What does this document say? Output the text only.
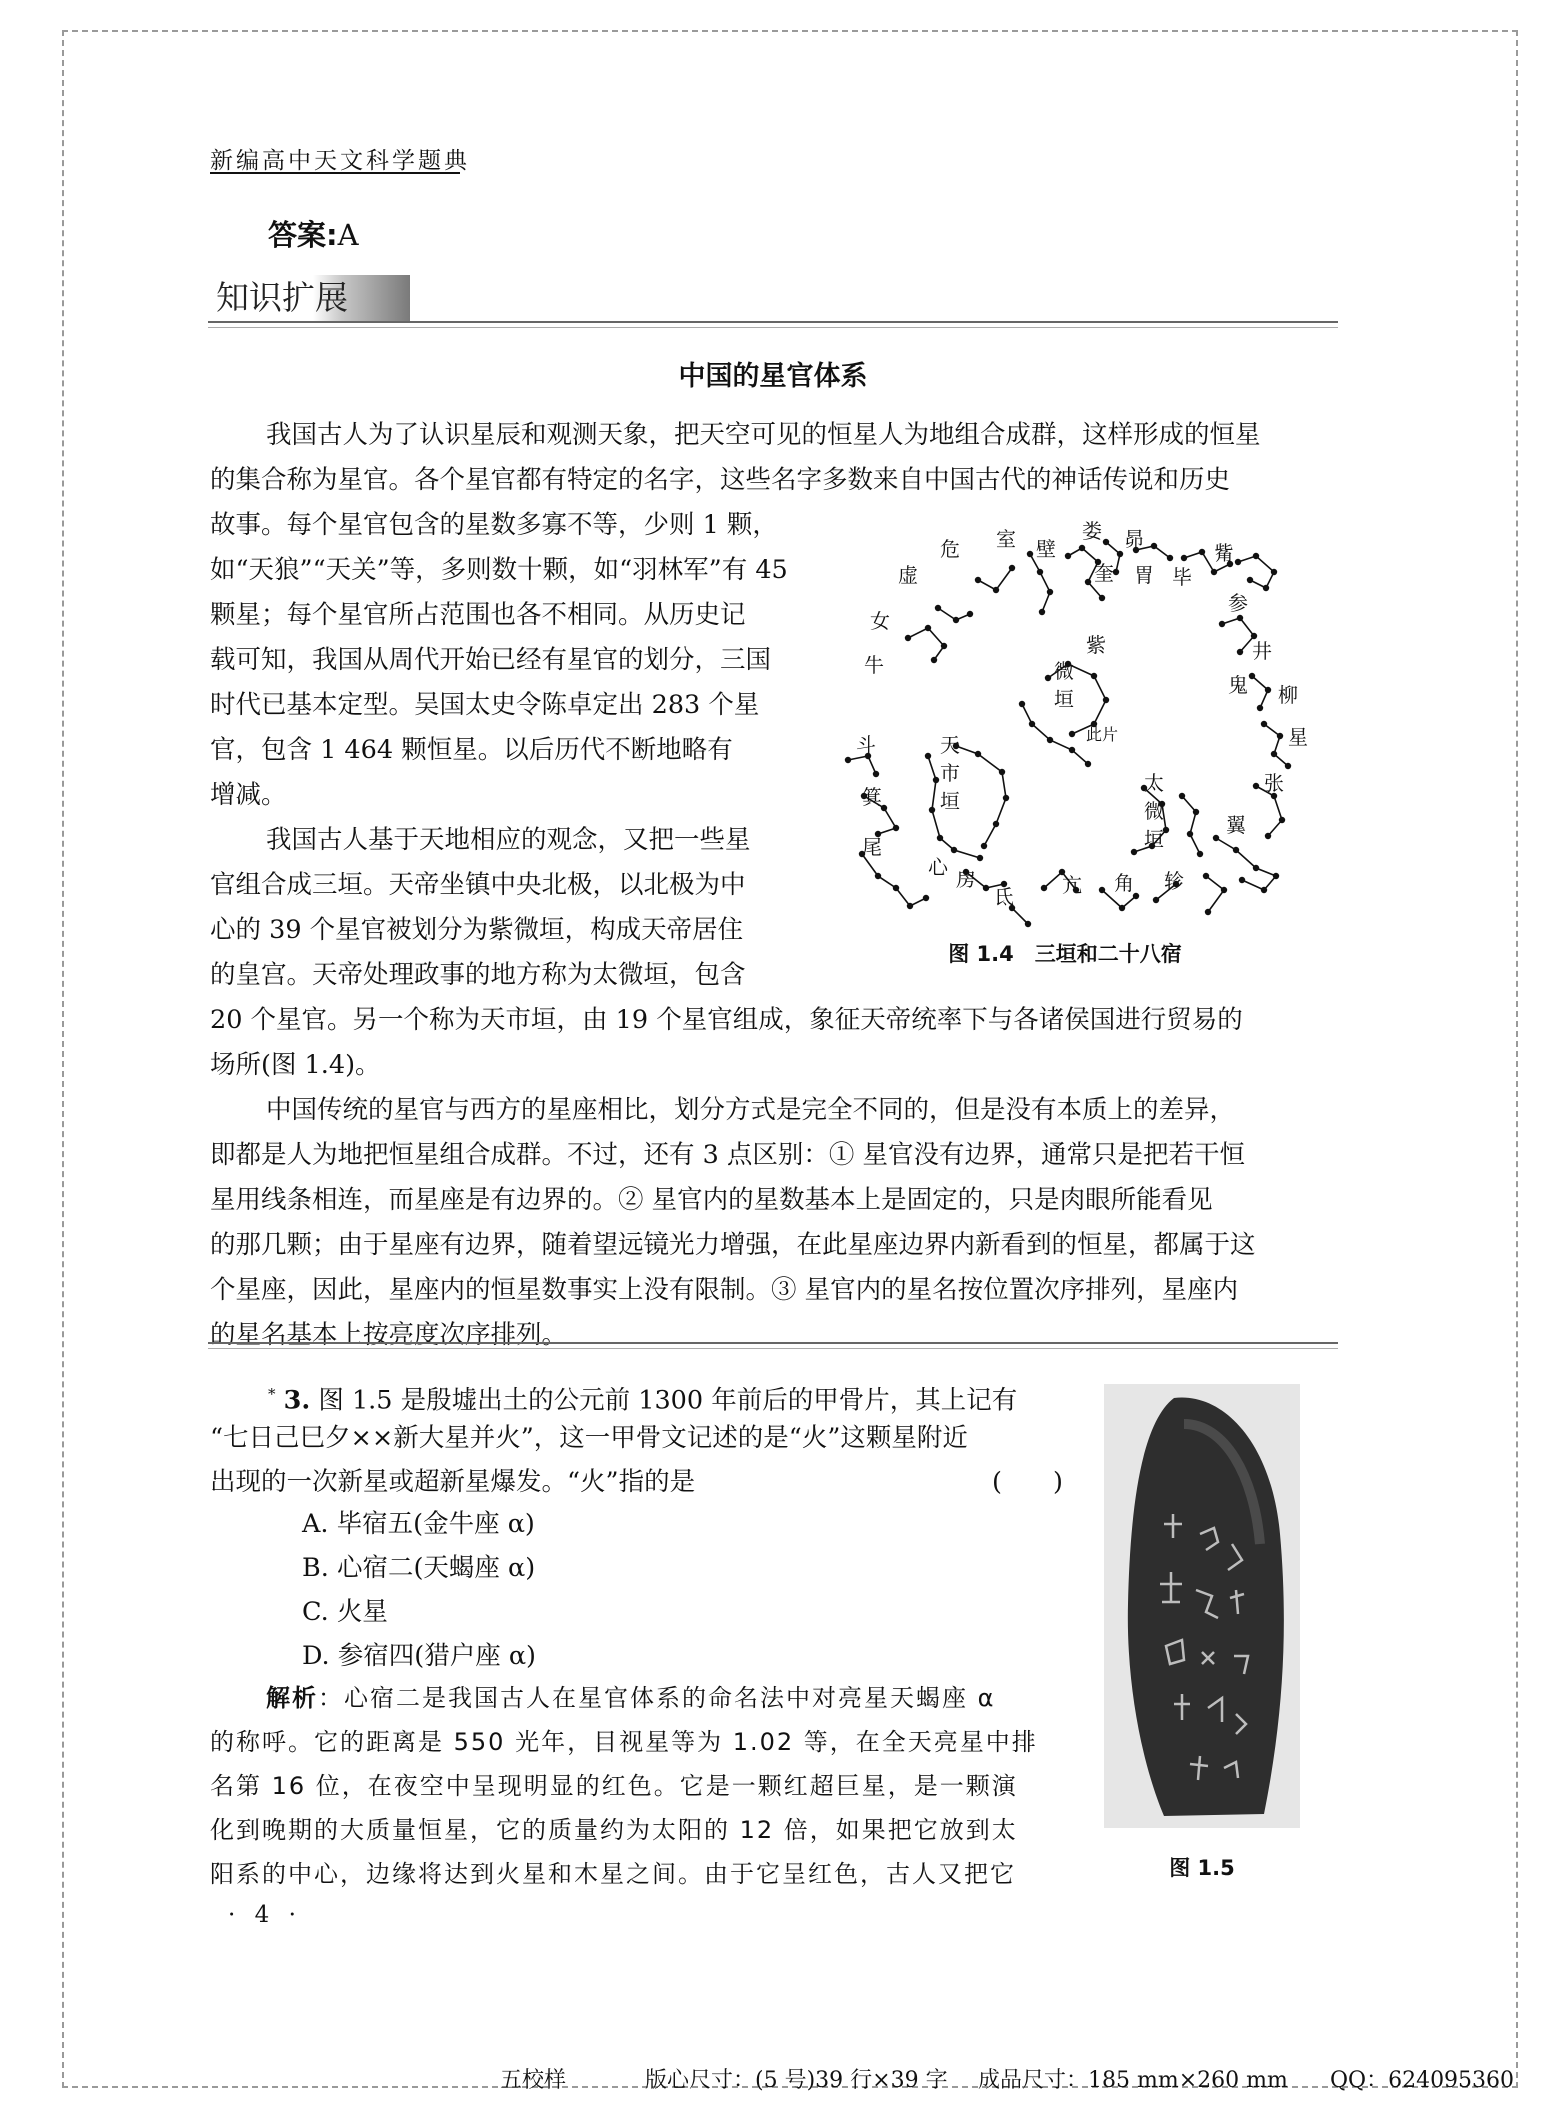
新编高中天文科学题典
答案:A
知识扩展
中国的星官体系
我国古人为了认识星辰和观测天象，把天空可见的恒星人为地组合成群，这样形成的恒星
的集合称为星官。各个星官都有特定的名字，这些名字多数来自中国古代的神话传说和历史
故事。每个星官包含的星数多寡不等，少则 1 颗，
如“天狼”“天关”等，多则数十颗，如“羽林军”有 45
颗星；每个星官所占范围也各不相同。从历史记
载可知，我国从周代开始已经有星官的划分，三国
时代已基本定型。吴国太史令陈卓定出 283 个星
官，包含 1 464 颗恒星。以后历代不断地略有
增减。
我国古人基于天地相应的观念，又把一些星
官组合成三垣。天帝坐镇中央北极，以北极为中
心的 39 个星官被划分为紫微垣，构成天帝居住
的皇宫。天帝处理政事的地方称为太微垣，包含
20 个星官。另一个称为天市垣，由 19 个星官组成，象征天帝统率下与各诸侯国进行贸易的
场所(图 1.4)。
中国传统的星官与西方的星座相比，划分方式是完全不同的，但是没有本质上的差异，
即都是人为地把恒星组合成群。不过，还有 3 点区别：① 星官没有边界，通常只是把若干恒
星用线条相连，而星座是有边界的。② 星官内的星数基本上是固定的，只是肉眼所能看见
的那几颗；由于星座有边界，随着望远镜光力增强，在此星座边界内新看到的恒星，都属于这
个星座，因此，星座内的恒星数事实上没有限制。③ 星官内的星名按位置次序排列，星座内
的星名基本上按亮度次序排列。
危 室 壁
娄 昴
虚	奎 胃 毕
觜
女
参
牛
井
紫
微
垣
鬼 柳
此片
斗	天
市
垣
星
箕
太
微
垣
张
翼
尾
心
房
氐
亢 角 轸
图 1.4　三垣和二十八宿
* 3. 图 1.5 是殷墟出土的公元前 1300 年前后的甲骨片，其上记有
“七日己巳夕××新大星并火”，这一甲骨文记述的是“火”这颗星附近
出现的一次新星或超新星爆发。“火”指的是	(　　)
A. 毕宿五(金牛座 α)
B. 心宿二(天蝎座 α)
C. 火星
D. 参宿四(猎户座 α)
解析：心宿二是我国古人在星官体系的命名法中对亮星天蝎座 α
的称呼。它的距离是 550 光年，目视星等为 1.02 等，在全天亮星中排
名第 16 位，在夜空中呈现明显的红色。它是一颗红超巨星，是一颗演
化到晚期的大质量恒星，它的质量约为太阳的 12 倍，如果把它放到太
阳系的中心，边缘将达到火星和木星之间。由于它呈红色，古人又把它	图 1.5
· 4 ·
五校样	版心尺寸：(5 号)39 行×39 字 成品尺寸：185 mm×260 mm QQ：624095360
